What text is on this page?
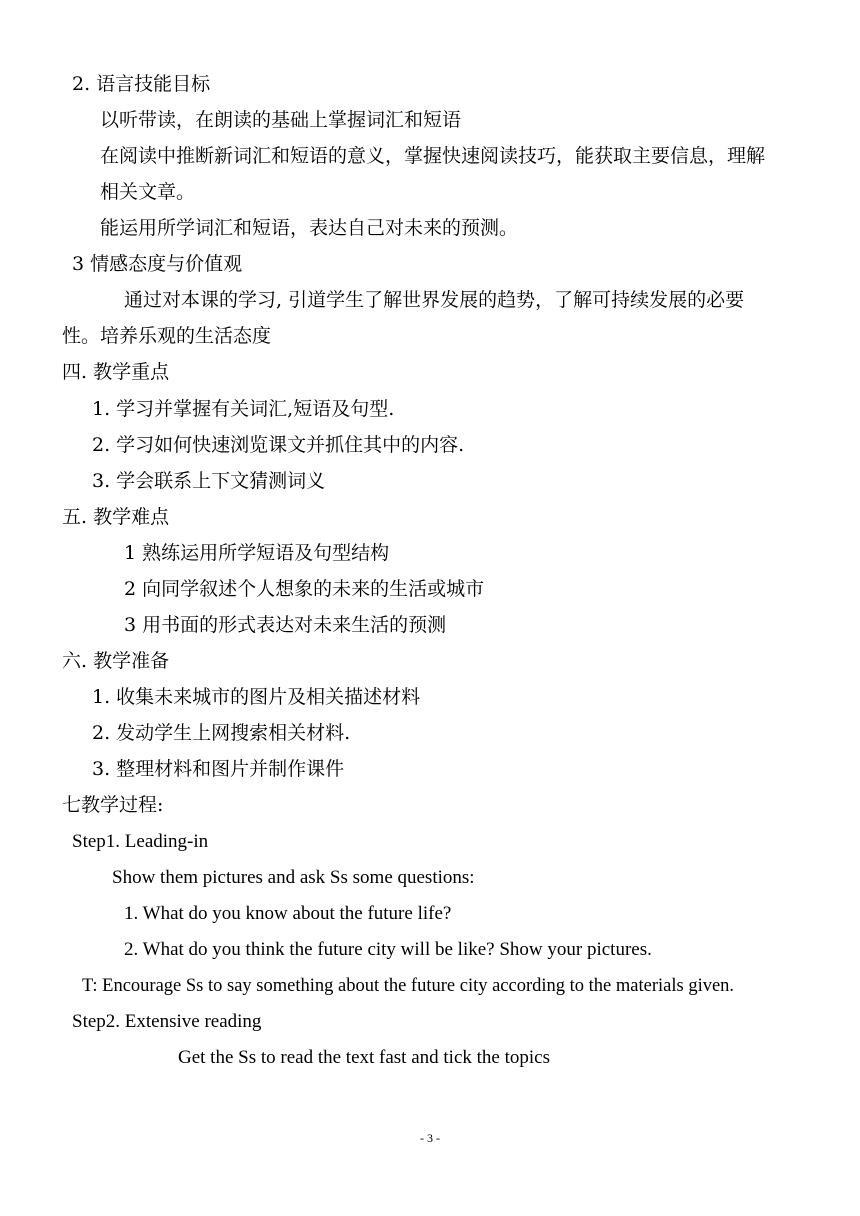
2. 语言技能目标
以听带读，在朗读的基础上掌握词汇和短语
在阅读中推断新词汇和短语的意义，掌握快速阅读技巧，能获取主要信息，理解
相关文章。
能运用所学词汇和短语，表达自己对未来的预测。
3 情感态度与价值观
通过对本课的学习, 引道学生了解世界发展的趋势，了解可持续发展的必要
性。培养乐观的生活态度
四. 教学重点
1. 学习并掌握有关词汇,短语及句型.
2. 学习如何快速浏览课文并抓住其中的内容.
3. 学会联系上下文猜测词义
五. 教学难点
1 熟练运用所学短语及句型结构
2 向同学叙述个人想象的未来的生活或城市
3 用书面的形式表达对未来生活的预测
六. 教学准备
1. 收集未来城市的图片及相关描述材料
2. 发动学生上网搜索相关材料.
3. 整理材料和图片并制作课件
七教学过程:
Step1. Leading-in
Show them pictures and ask Ss some questions:
1. What do you know about the future life?
2. What do you think the future city will be like? Show your pictures.
T: Encourage Ss to say something about the future city according to the materials given.
Step2. Extensive reading
Get the Ss to read the text fast and tick the topics
- 3 -
